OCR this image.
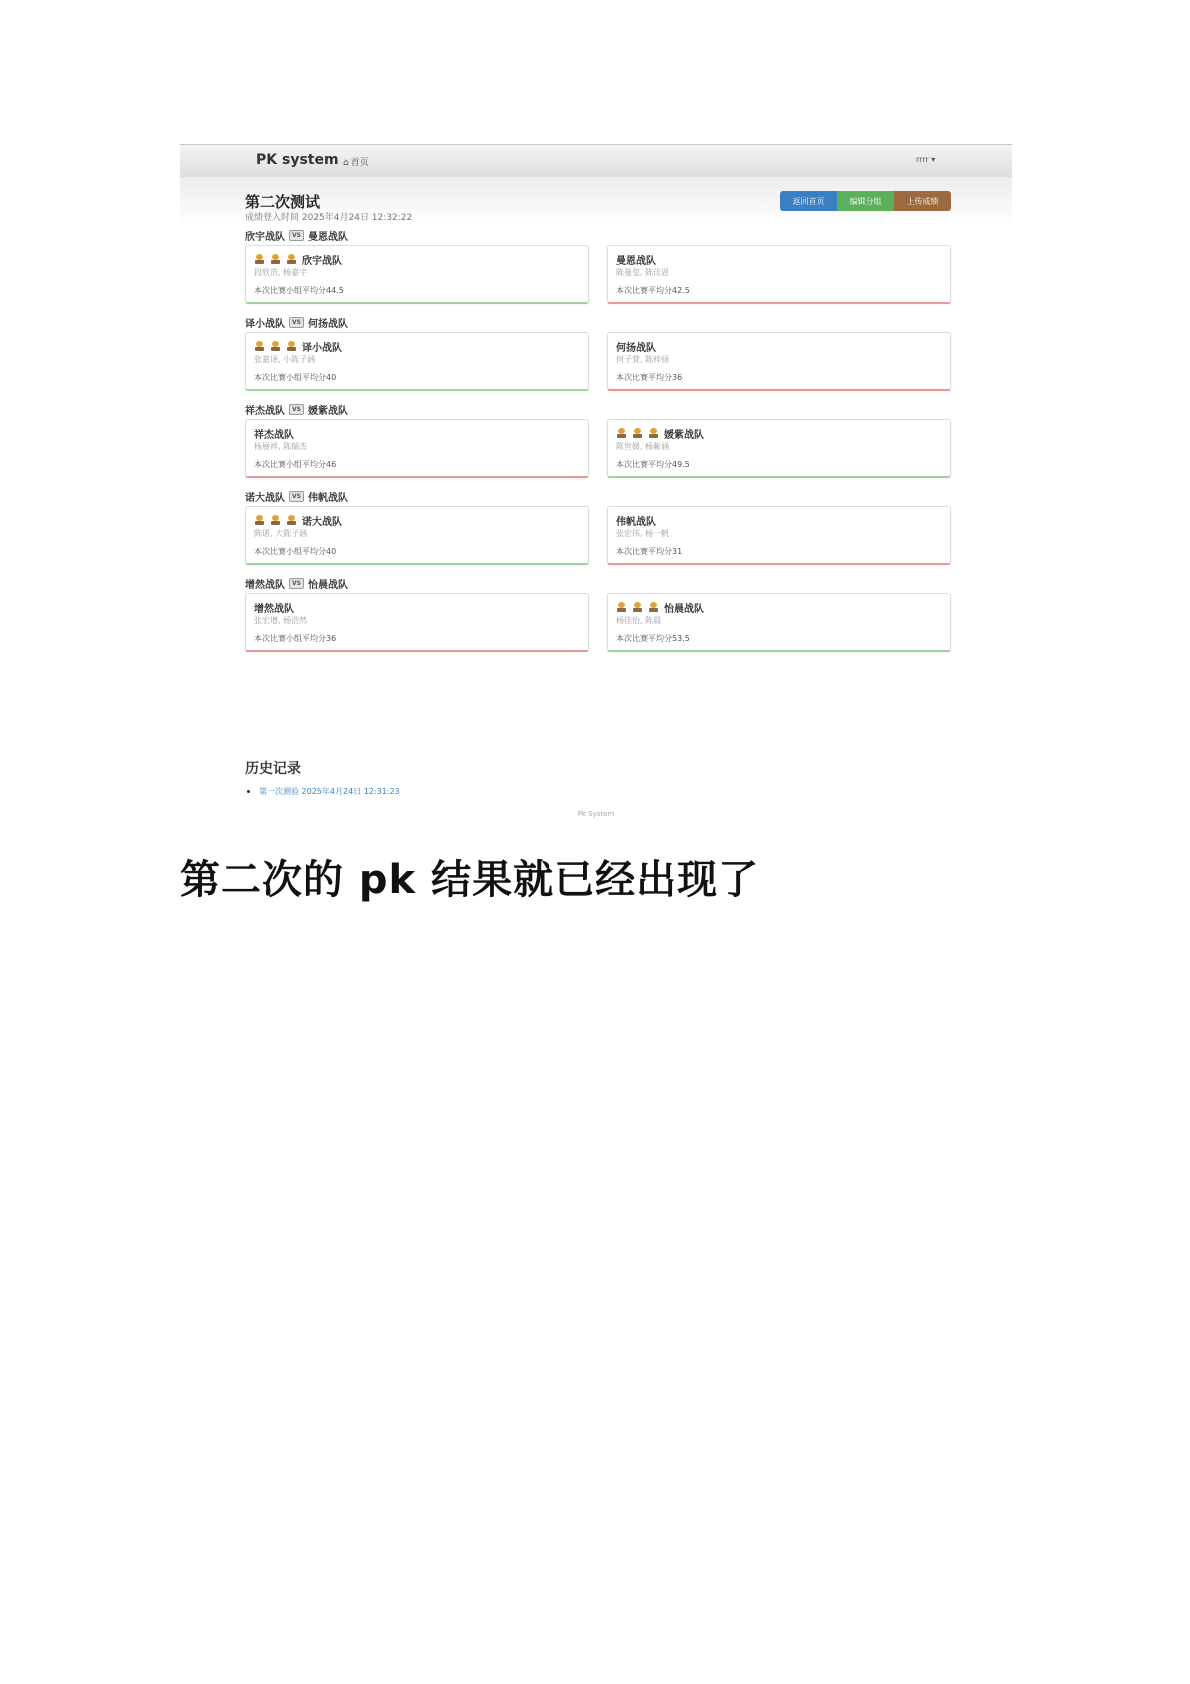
PK system ⌂ 首页	rrrr ▾
第二次测试
成绩登入时间 2025年4月24日 12:32:22
返回首页	编辑分组	上传成绩
欣宇战队	VS 曼恩战队
欣宇战队
段欣浩, 杨嘉宇
本次比赛小组平均分44.5
曼恩战队
陈曼玺, 陈佳恩
本次比赛平均分42.5
译小战队	VS 何扬战队
译小战队
张嘉译, 小陈子涵
本次比赛小组平均分40
何扬战队
何子萱, 陈梓扬
本次比赛平均分36
祥杰战队	VS 媛紫战队
祥杰战队
杨展祥, 陈瑞杰
本次比赛小组平均分46
媛紫战队
陈世媛, 杨紫涵
本次比赛平均分49.5
诺大战队	VS 伟帆战队
诺大战队
陈诺, 大陈子涵
本次比赛小组平均分40
伟帆战队
张宏伟, 杨一帆
本次比赛平均分31
增然战队	VS 怡晨战队
增然战队
张宏增, 杨浩然
本次比赛小组平均分36
怡晨战队
杨佳怡, 陈晨
本次比赛平均分53.5
历史记录
第一次测验 2025年4月24日 12:31:23
Pk System
第二次的 pk 结果就已经出现了
